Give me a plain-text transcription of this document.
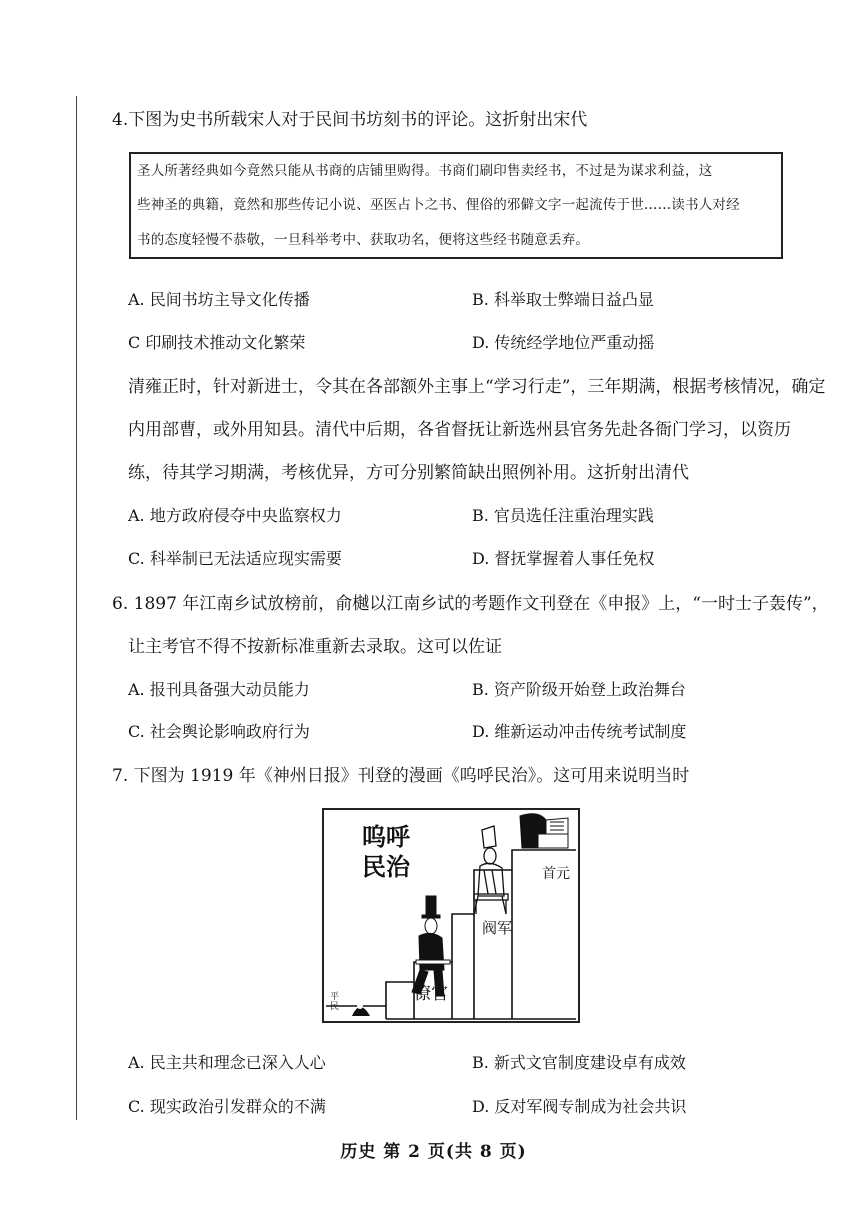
4.下图为史书所载宋人对于民间书坊刻书的评论。这折射出宋代
圣人所著经典如今竟然只能从书商的店铺里购得。书商们刷印售卖经书，不过是为谋求利益，这
些神圣的典籍，竟然和那些传记小说、巫医占卜之书、俚俗的邪僻文字一起流传于世……读书人对经
书的态度轻慢不恭敬，一旦科举考中、获取功名，便将这些经书随意丢弃。
A. 民间书坊主导文化传播	B. 科举取士弊端日益凸显
C 印刷技术推动文化繁荣	D. 传统经学地位严重动摇
清雍正时，针对新进士，令其在各部额外主事上“学习行走”，三年期满，根据考核情况，确定
内用部曹，或外用知县。清代中后期，各省督抚让新选州县官务先赴各衙门学习，以资历
练，待其学习期满，考核优异，方可分别繁简缺出照例补用。这折射出清代
A. 地方政府侵夺中央监察权力	B. 官员选任注重治理实践
C. 科举制已无法适应现实需要	D. 督抚掌握着人事任免权
6. 1897 年江南乡试放榜前，俞樾以江南乡试的考题作文刊登在《申报》上，“一时士子轰传”，
让主考官不得不按新标准重新去录取。这可以佐证
A. 报刊具备强大动员能力	B. 资产阶级开始登上政治舞台
C. 社会舆论影响政府行为	D. 维新运动冲击传统考试制度
7. 下图为 1919 年《神州日报》刊登的漫画《呜呼民治》。这可用来说明当时
呜呼
民治	首元
阀军
僚官
平民
A. 民主共和理念已深入人心	B. 新式文官制度建设卓有成效
C. 现实政治引发群众的不满	D. 反对军阀专制成为社会共识
历史 第 2 页(共 8 页)
